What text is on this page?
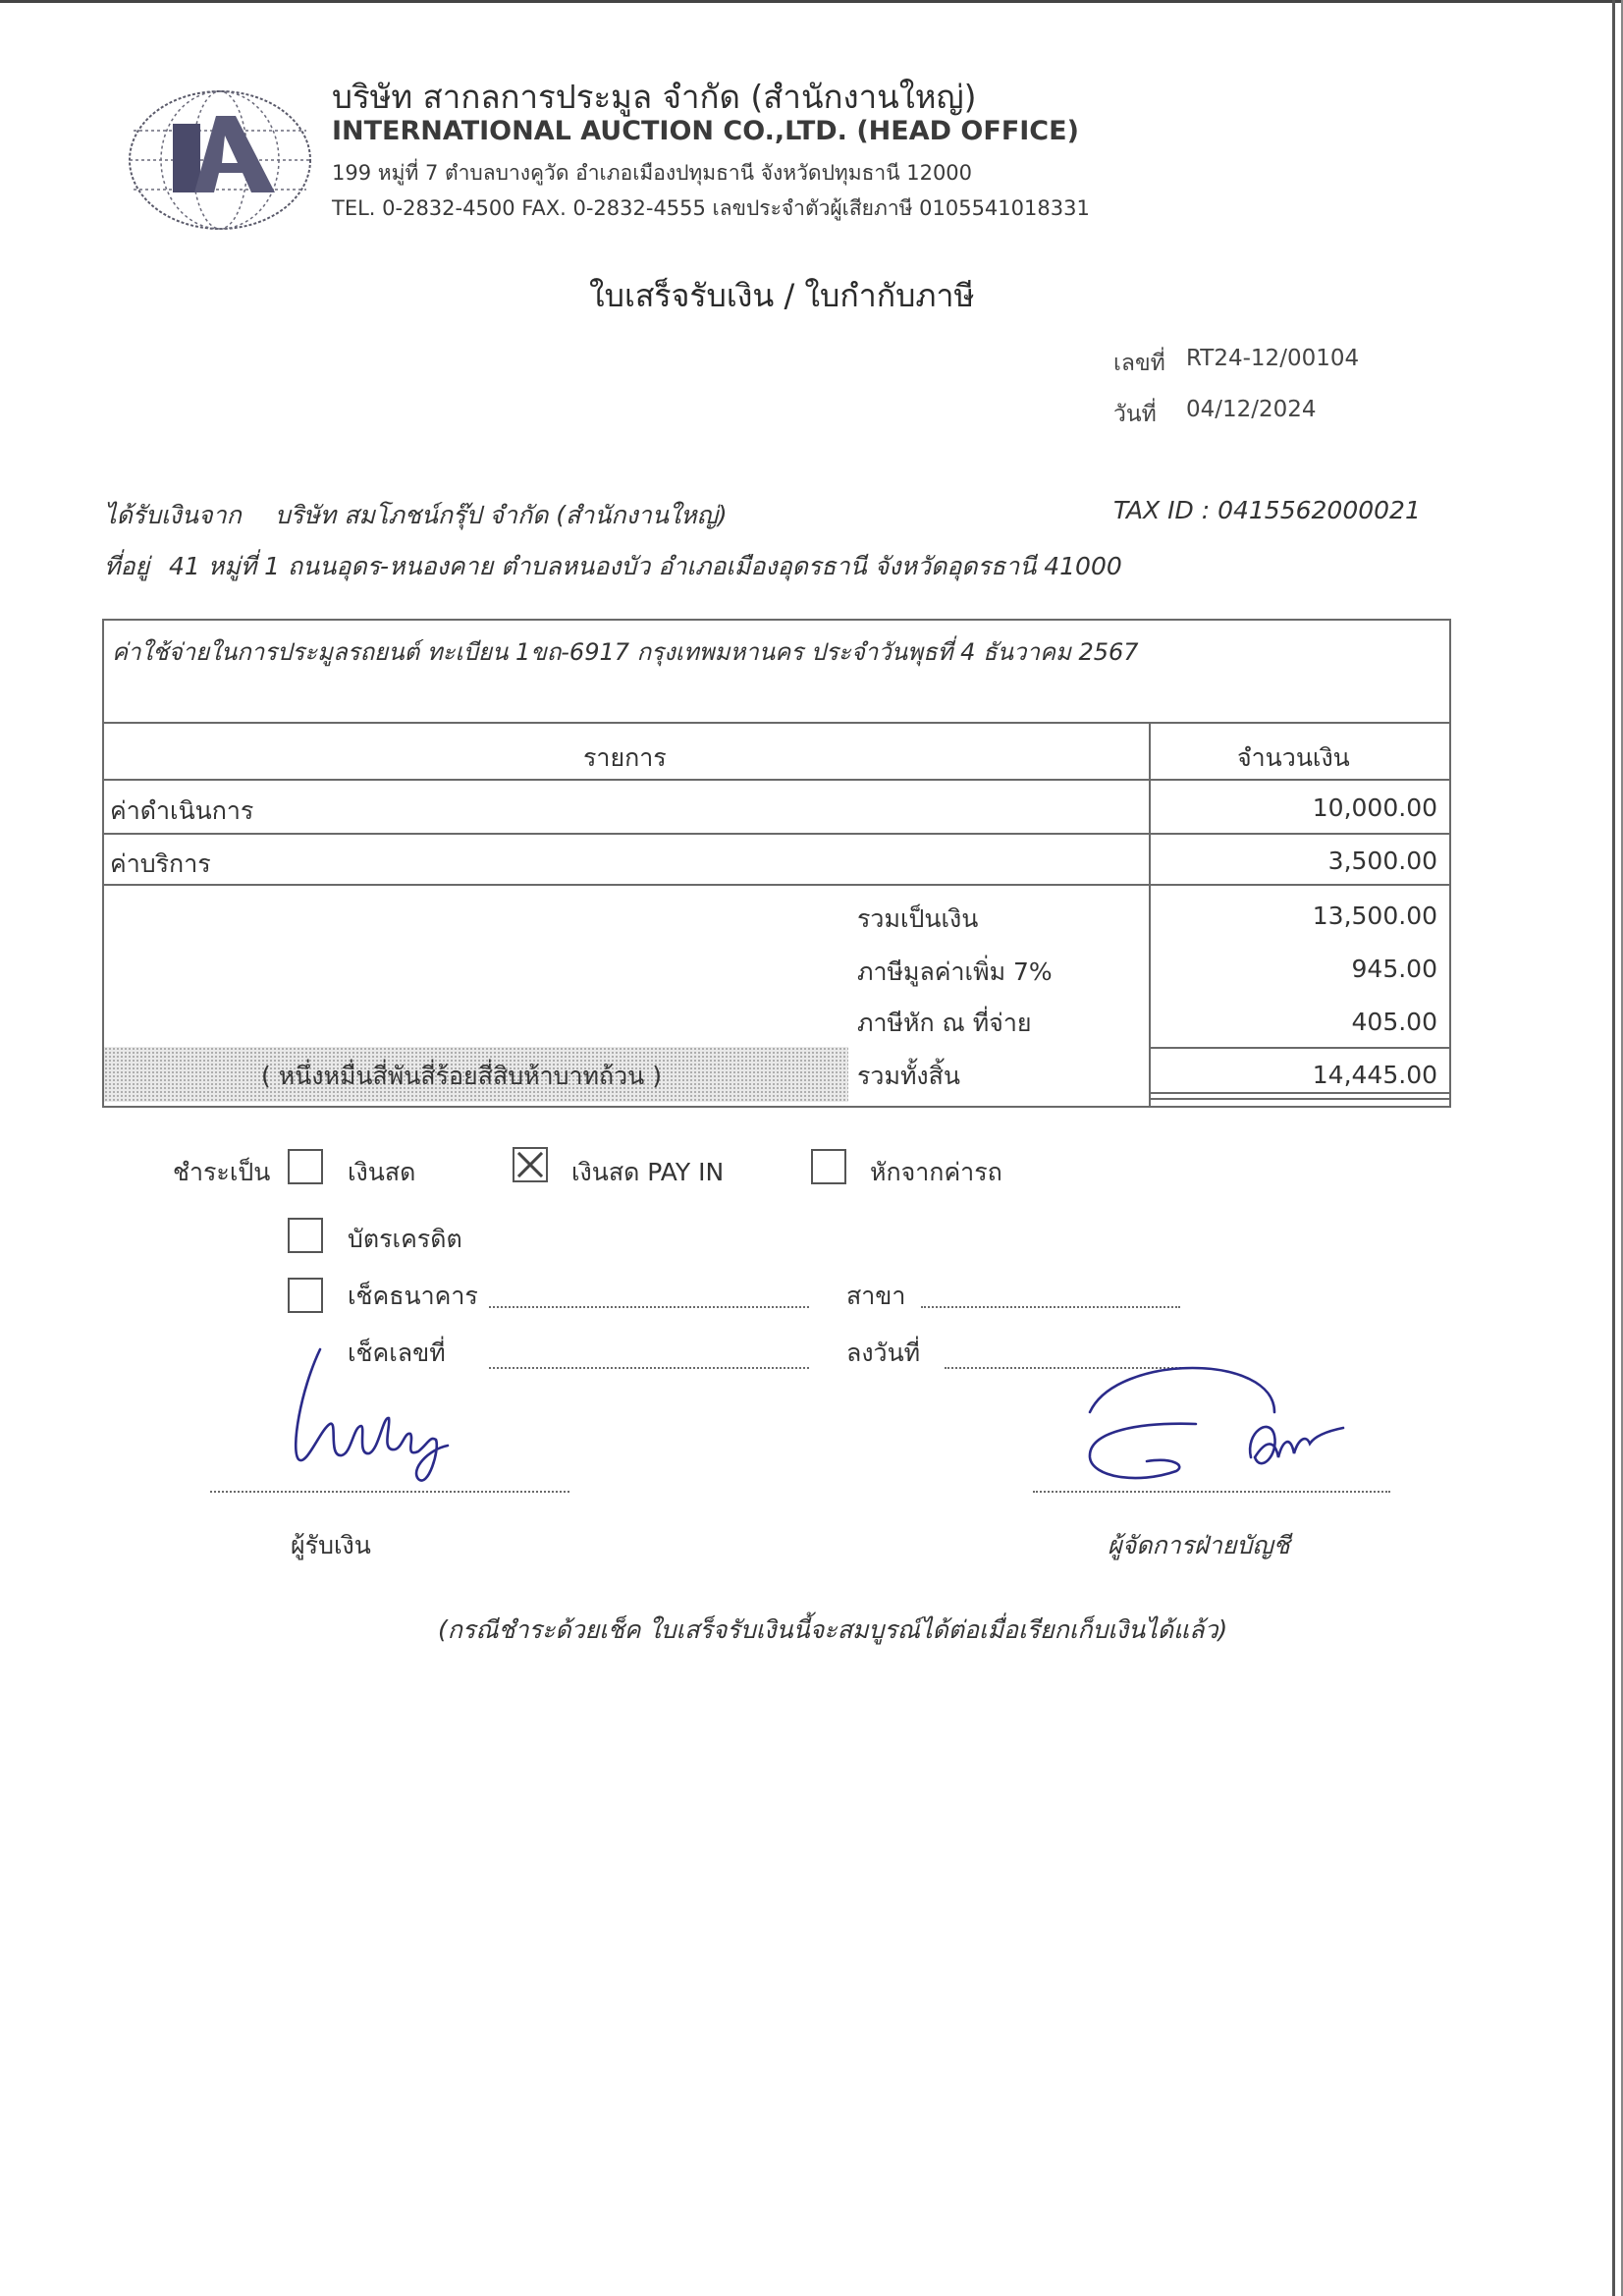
บริษัท สากลการประมูล จำกัด (สำนักงานใหญ่)
INTERNATIONAL AUCTION CO.,LTD. (HEAD OFFICE)
199 หมู่ที่ 7 ตำบลบางคูวัด อำเภอเมืองปทุมธานี จังหวัดปทุมธานี 12000
TEL. 0-2832-4500 FAX. 0-2832-4555 เลขประจำตัวผู้เสียภาษี 0105541018331
ใบเสร็จรับเงิน / ใบกำกับภาษี
เลขที่ RT24-12/00104
วันที่ 04/12/2024
ได้รับเงินจาก บริษัท สมโภชน์กรุ๊ป จำกัด (สำนักงานใหญ่)	TAX ID : 0415562000021
ที่อยู่ 41 หมู่ที่ 1 ถนนอุดร-หนองคาย ตำบลหนองบัว อำเภอเมืองอุดรธานี จังหวัดอุดรธานี 41000
ค่าใช้จ่ายในการประมูลรถยนต์ ทะเบียน 1ขถ-6917 กรุงเทพมหานคร ประจำวันพุธที่ 4 ธันวาคม 2567
รายการ	จำนวนเงิน
ค่าดำเนินการ	10,000.00
ค่าบริการ	3,500.00
รวมเป็นเงิน	13,500.00
ภาษีมูลค่าเพิ่ม 7%	945.00
ภาษีหัก ณ ที่จ่าย	405.00
( หนึ่งหมื่นสี่พันสี่ร้อยสี่สิบห้าบาทถ้วน )	รวมทั้งสิ้น	14,445.00
ชำระเป็น	เงินสด	เงินสด PAY IN	หักจากค่ารถ
บัตรเครดิต
เช็คธนาคาร	สาขา
เช็คเลขที่	ลงวันที่
ผู้รับเงิน	ผู้จัดการฝ่ายบัญชี
(กรณีชำระด้วยเช็ค ใบเสร็จรับเงินนี้จะสมบูรณ์ได้ต่อเมื่อเรียกเก็บเงินได้แล้ว)
